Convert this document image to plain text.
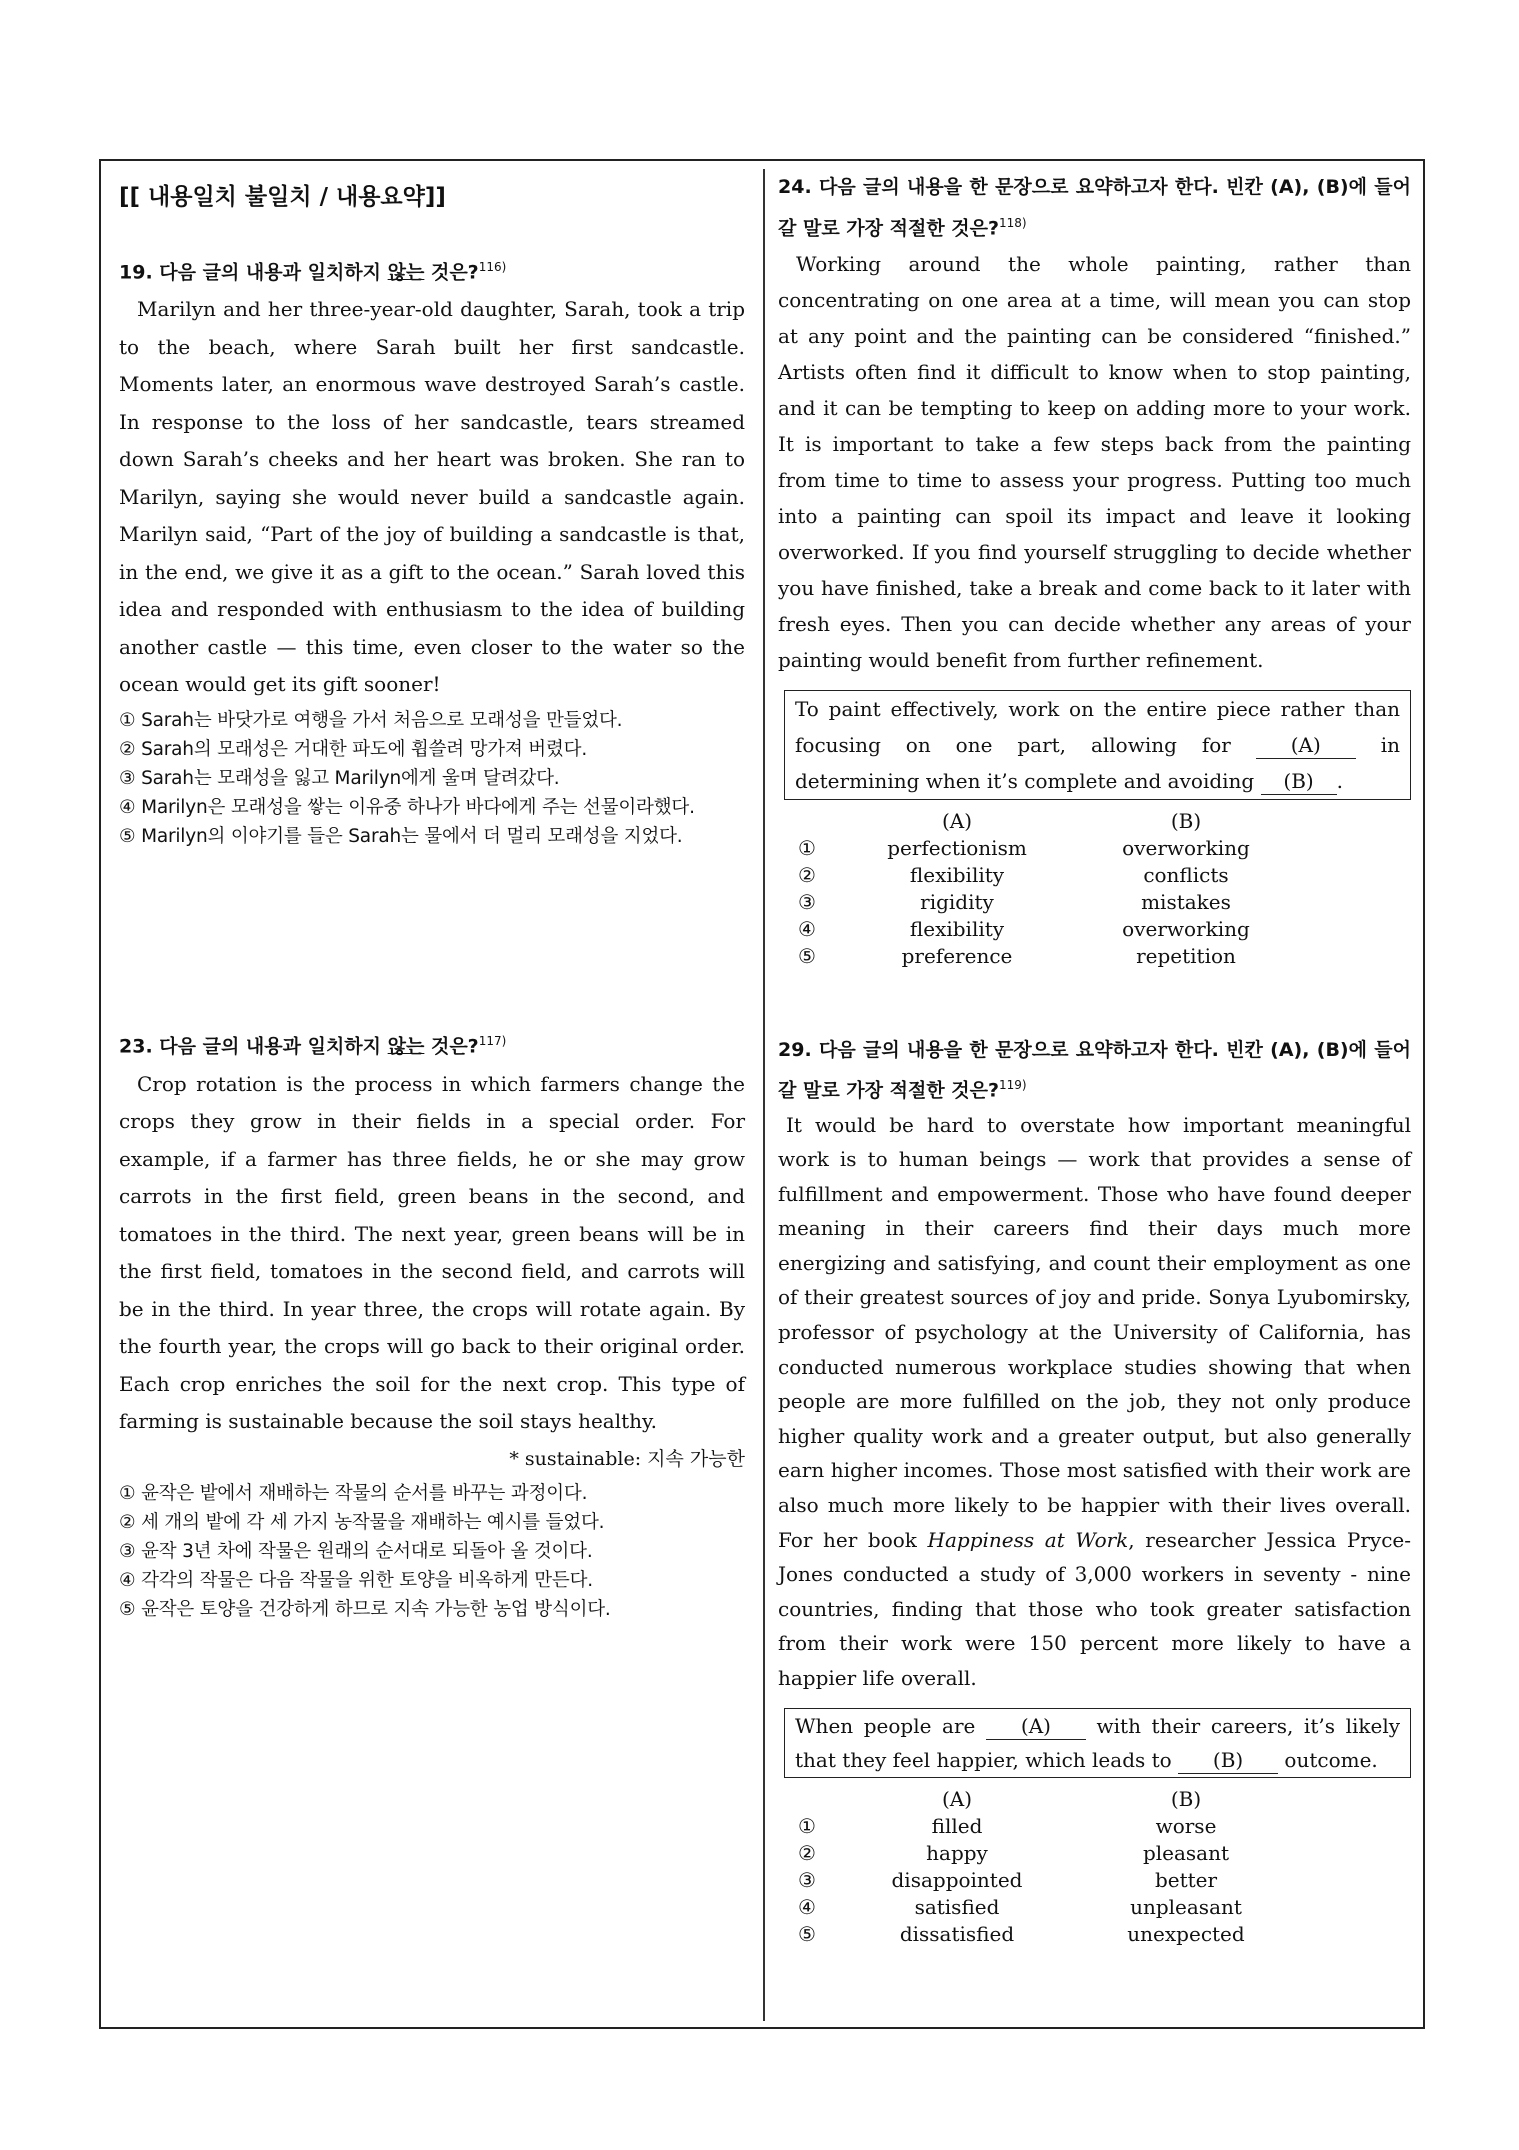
[[ 내용일치 불일치 / 내용요약]]
19. 다음 글의 내용과 일치하지 않는 것은?$^{116)}$

Marilyn and her three-year-old daughter, Sarah, took a trip to the beach, where Sarah built her first sandcastle. Moments later, an enormous wave destroyed Sarah’s castle. In response to the loss of her sandcastle, tears streamed down Sarah’s cheeks and her heart was broken. She ran to Marilyn, saying she would never build a sandcastle again. Marilyn said, “Part of the joy of building a sandcastle is that, in the end, we give it as a gift to the ocean.” Sarah loved this idea and responded with enthusiasm to the idea of building another castle — this time, even closer to the water so the ocean would get its gift sooner!

① Sarah는 바닷가로 여행을 가서 처음으로 모래성을 만들었다.
② Sarah의 모래성은 거대한 파도에 휩쓸려 망가져 버렸다.
③ Sarah는 모래성을 잃고 Marilyn에게 울며 달려갔다.
④ Marilyn은 모래성을 쌓는 이유중 하나가 바다에게 주는 선물이라했다.
⑤ Marilyn의 이야기를 들은 Sarah는 물에서 더 멀리 모래성을 지었다.
23. 다음 글의 내용과 일치하지 않는 것은?$^{117)}$

Crop rotation is the process in which farmers change the crops they grow in their fields in a special order. For example, if a farmer has three fields, he or she may grow carrots in the first field, green beans in the second, and tomatoes in the third. The next year, green beans will be in the first field, tomatoes in the second field, and carrots will be in the third. In year three, the crops will rotate again. By the fourth year, the crops will go back to their original order. Each crop enriches the soil for the next crop. This type of farming is sustainable because the soil stays healthy.

* sustainable: 지속 가능한
① 윤작은 밭에서 재배하는 작물의 순서를 바꾸는 과정이다.
② 세 개의 밭에 각 세 가지 농작물을 재배하는 예시를 들었다.
③ 윤작 3년 차에 작물은 원래의 순서대로 되돌아 올 것이다.
④ 각각의 작물은 다음 작물을 위한 토양을 비옥하게 만든다.
⑤ 윤작은 토양을 건강하게 하므로 지속 가능한 농업 방식이다.
24. 다음 글의 내용을 한 문장으로 요약하고자 한다. 빈칸 (A), (B)에 들어갈 말로 가장 적절한 것은?$^{118)}$

Working around the whole painting, rather than concentrating on one area at a time, will mean you can stop at any point and the painting can be considered “finished.” Artists often find it difficult to know when to stop painting, and it can be tempting to keep on adding more to your work. It is important to take a few steps back from the painting from time to time to assess your progress. Putting too much into a painting can spoil its impact and leave it looking overworked. If you find yourself struggling to decide whether you have finished, take a break and come back to it later with fresh eyes. Then you can decide whether any areas of your painting would benefit from further refinement.

To paint effectively, work on the entire piece rather than focusing on one part, allowing for (A) in determining when it’s complete and avoiding (B) .
	(A)	(B)
①	perfectionism	overworking
②	flexibility	conflicts
③	rigidity	mistakes
④	flexibility	overworking
⑤	preference	repetition
29. 다음 글의 내용을 한 문장으로 요약하고자 한다. 빈칸 (A), (B)에 들어갈 말로 가장 적절한 것은?$^{119)}$

It would be hard to overstate how important meaningful work is to human beings — work that provides a sense of fulfillment and empowerment. Those who have found deeper meaning in their careers find their days much more energizing and satisfying, and count their employment as one of their greatest sources of joy and pride. Sonya Lyubomirsky, professor of psychology at the University of California, has conducted numerous workplace studies showing that when people are more fulfilled on the job, they not only produce higher quality work and a greater output, but also generally earn higher incomes. Those most satisfied with their work are also much more likely to be happier with their lives overall. For her book Happiness at Work, researcher Jessica Pryce-Jones conducted a study of 3,000 workers in seventy - nine countries, finding that those who took greater satisfaction from their work were 150 percent more likely to have a happier life overall.

When people are (A) with their careers, it’s likely that they feel happier, which leads to (B) outcome.
	(A)	(B)
①	filled	worse
②	happy	pleasant
③	disappointed	better
④	satisfied	unpleasant
⑤	dissatisfied	unexpected
